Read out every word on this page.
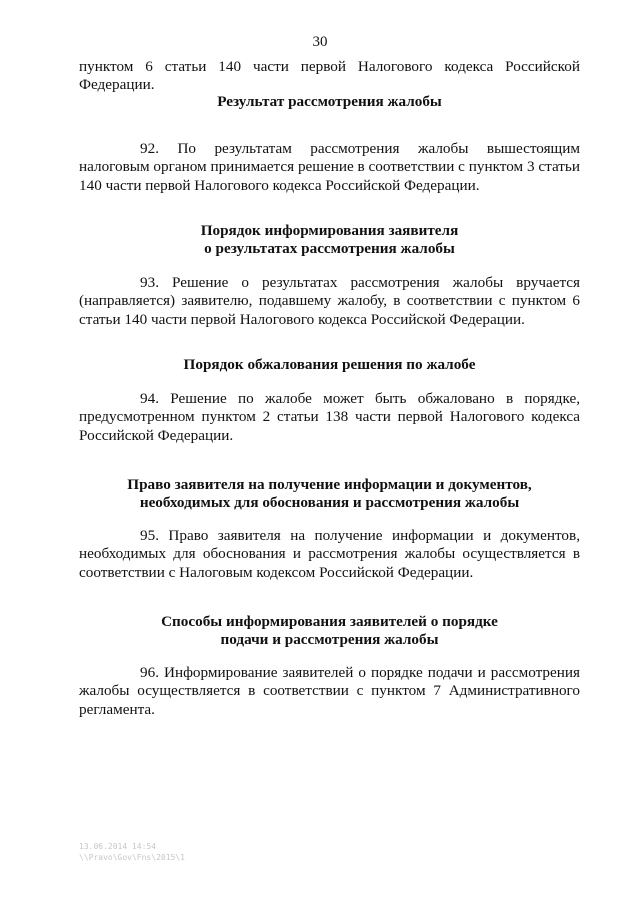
30

пунктом 6 статьи 140 части первой Налогового кодекса Российской Федерации.

Результат рассмотрения жалобы

92. По результатам рассмотрения жалобы вышестоящим налоговым органом принимается решение в соответствии с пунктом 3 статьи 140 части первой Налогового кодекса Российской Федерации.

Порядок информирования заявителя

о результатах рассмотрения жалобы

93. Решение о результатах рассмотрения жалобы вручается (направляется) заявителю, подавшему жалобу, в соответствии с пунктом 6 статьи 140 части первой Налогового кодекса Российской Федерации.

Порядок обжалования решения по жалобе

94. Решение по жалобе может быть обжаловано в порядке, предусмотренном пунктом 2 статьи 138 части первой Налогового кодекса Российской Федерации.

Право заявителя на получение информации и документов,

необходимых для обоснования и рассмотрения жалобы

95. Право заявителя на получение информации и документов, необходимых для обоснования и рассмотрения жалобы осуществляется в соответствии с Налоговым кодексом Российской Федерации.

Способы информирования заявителей о порядке

подачи и рассмотрения жалобы

96. Информирование заявителей о порядке подачи и рассмотрения жалобы осуществляется в соответствии с пунктом 7 Административного регламента.

13.06.2014 14:54
\\Pravo\Gov\Fns\2015\1
